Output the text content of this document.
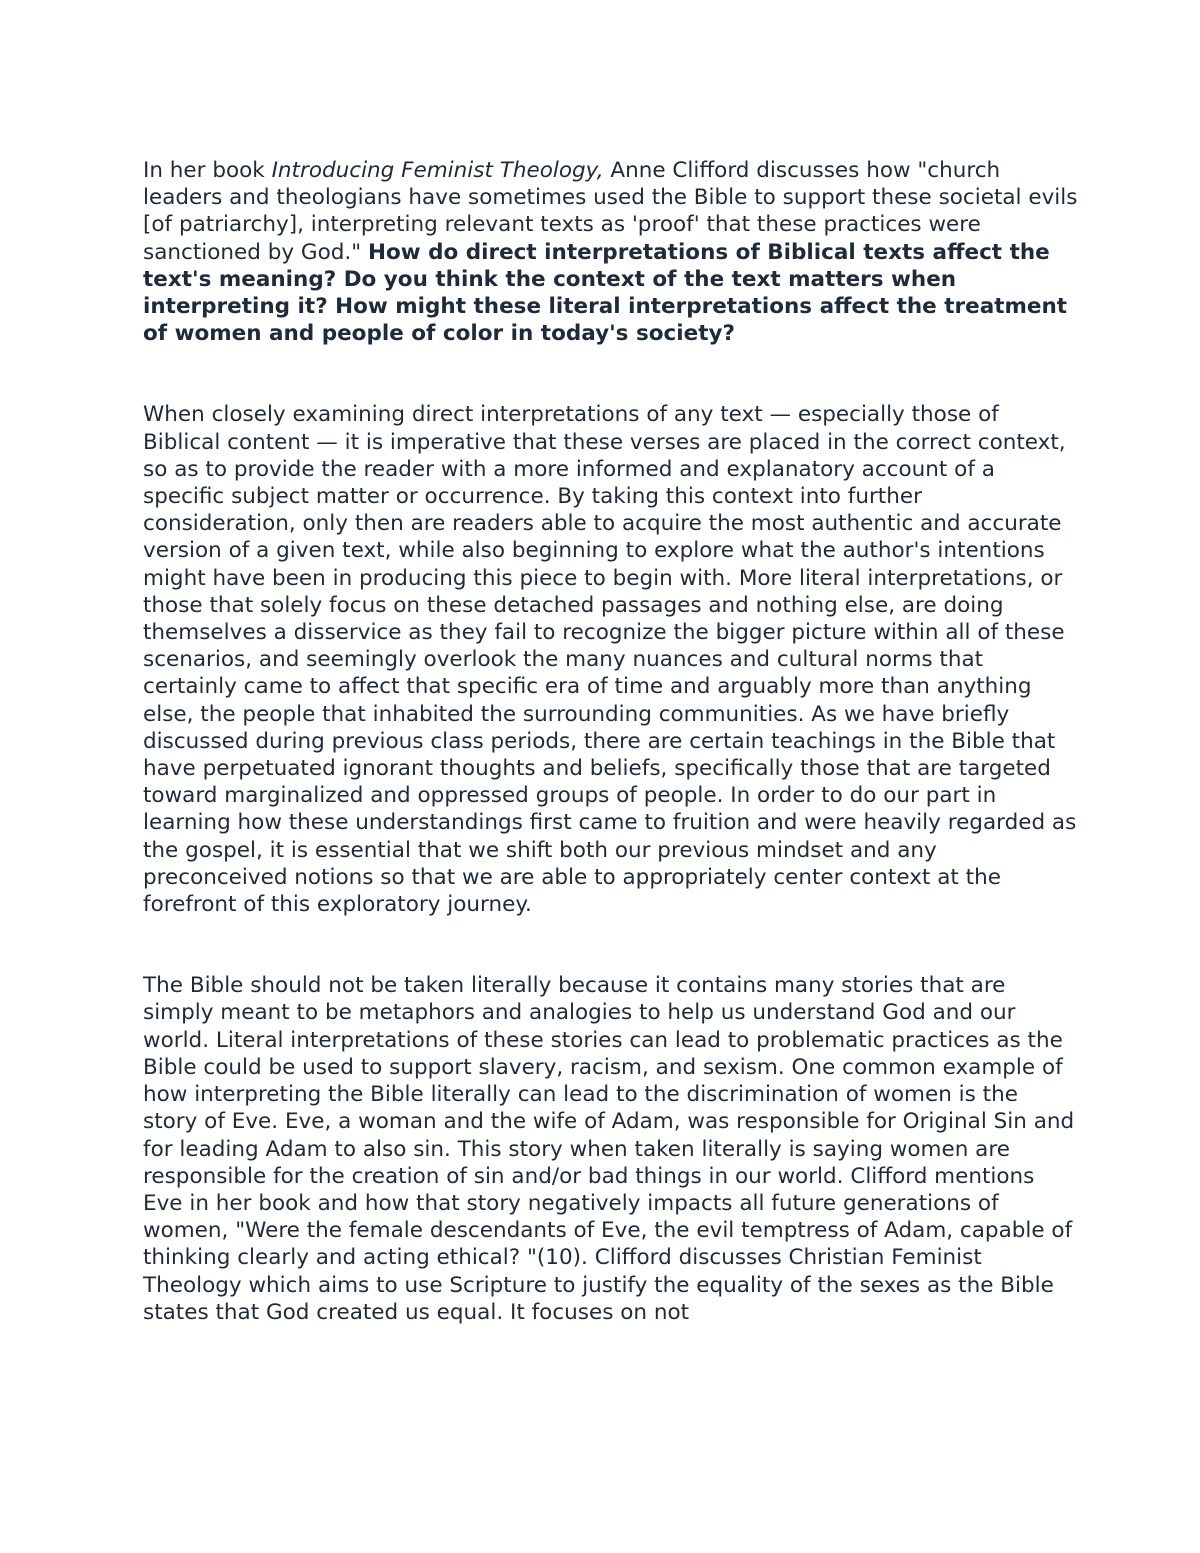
In her book Introducing Feminist Theology, Anne Clifford discusses how "church leaders and theologians have sometimes used the Bible to support these societal evils [of patriarchy], interpreting relevant texts as 'proof' that these practices were sanctioned by God." How do direct interpretations of Biblical texts affect the text's meaning? Do you think the context of the text matters when interpreting it? How might these literal interpretations affect the treatment of women and people of color in today's society?

When closely examining direct interpretations of any text — especially those of Biblical content — it is imperative that these verses are placed in the correct context, so as to provide the reader with a more informed and explanatory account of a specific subject matter or occurrence. By taking this context into further consideration, only then are readers able to acquire the most authentic and accurate version of a given text, while also beginning to explore what the author's intentions might have been in producing this piece to begin with. More literal interpretations, or those that solely focus on these detached passages and nothing else, are doing themselves a disservice as they fail to recognize the bigger picture within all of these scenarios, and seemingly overlook the many nuances and cultural norms that certainly came to affect that specific era of time and arguably more than anything else, the people that inhabited the surrounding communities. As we have briefly discussed during previous class periods, there are certain teachings in the Bible that have perpetuated ignorant thoughts and beliefs, specifically those that are targeted toward marginalized and oppressed groups of people. In order to do our part in learning how these understandings first came to fruition and were heavily regarded as the gospel, it is essential that we shift both our previous mindset and any preconceived notions so that we are able to appropriately center context at the forefront of this exploratory journey.

The Bible should not be taken literally because it contains many stories that are simply meant to be metaphors and analogies to help us understand God and our world. Literal interpretations of these stories can lead to problematic practices as the Bible could be used to support slavery, racism, and sexism. One common example of how interpreting the Bible literally can lead to the discrimination of women is the story of Eve. Eve, a woman and the wife of Adam, was responsible for Original Sin and for leading Adam to also sin. This story when taken literally is saying women are responsible for the creation of sin and/or bad things in our world. Clifford mentions Eve in her book and how that story negatively impacts all future generations of women, "Were the female descendants of Eve, the evil temptress of Adam, capable of thinking clearly and acting ethical? "(10). Clifford discusses Christian Feminist Theology which aims to use Scripture to justify the equality of the sexes as the Bible states that God created us equal. It focuses on not
